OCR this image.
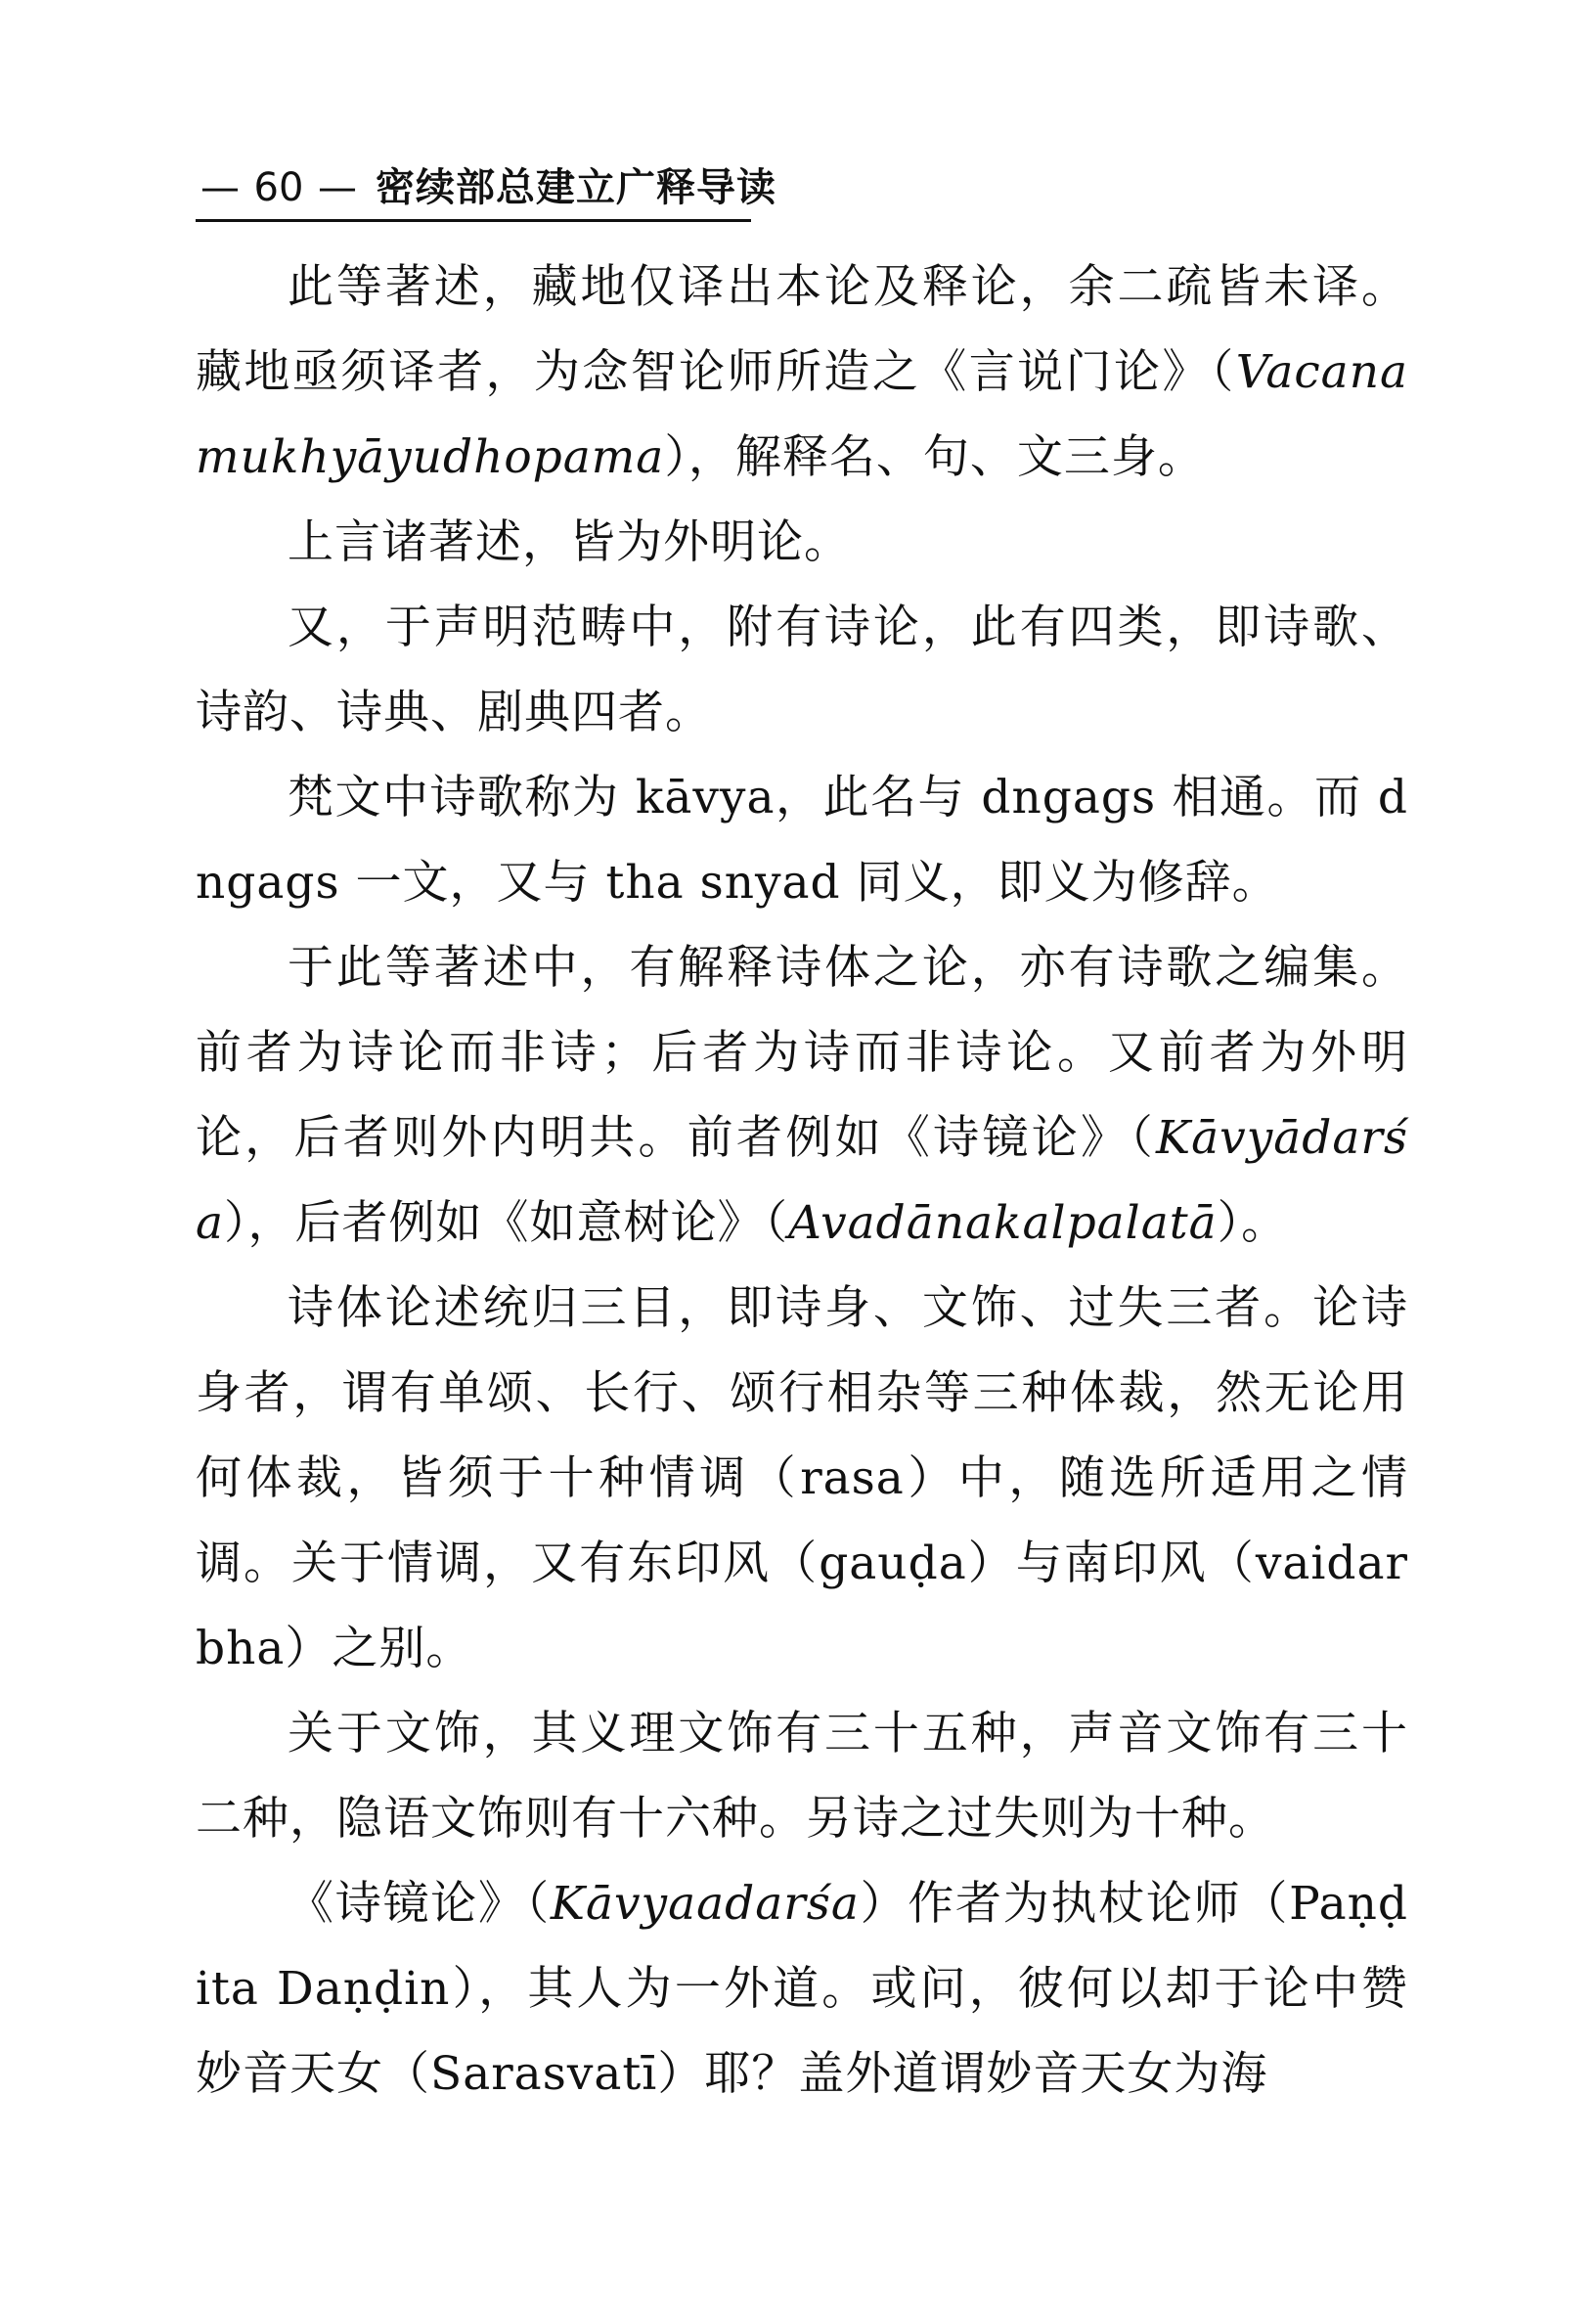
— 60 — 密续部总建立广释导读

此等著述，藏地仅译出本论及释论，余二疏皆未译。藏地亟须译者，为念智论师所造之《言说门论》（Vacanamukhyāyudhopama），解释名、句、文三身。

上言诸著述，皆为外明论。

又，于声明范畴中，附有诗论，此有四类，即诗歌、诗韵、诗典、剧典四者。

梵文中诗歌称为 kāvya，此名与 dngags 相通。而 dngags 一文，又与 tha snyad 同义，即义为修辞。

于此等著述中，有解释诗体之论，亦有诗歌之编集。前者为诗论而非诗；后者为诗而非诗论。又前者为外明论，后者则外内明共。前者例如《诗镜论》（Kāvyādarśa），后者例如《如意树论》（Avadānakalpalatā）。

诗体论述统归三目，即诗身、文饰、过失三者。论诗身者，谓有单颂、长行、颂行相杂等三种体裁，然无论用何体裁，皆须于十种情调（rasa）中，随选所适用之情调。关于情调，又有东印风（gauḍa）与南印风（vaidarbha）之别。

关于文饰，其义理文饰有三十五种，声音文饰有三十二种，隐语文饰则有十六种。另诗之过失则为十种。

《诗镜论》（Kāvyaadarśa）作者为执杖论师（Paṇḍita Daṇḍin），其人为一外道。或问，彼何以却于论中赞妙音天女（Sarasvatī）耶？盖外道谓妙音天女为海
